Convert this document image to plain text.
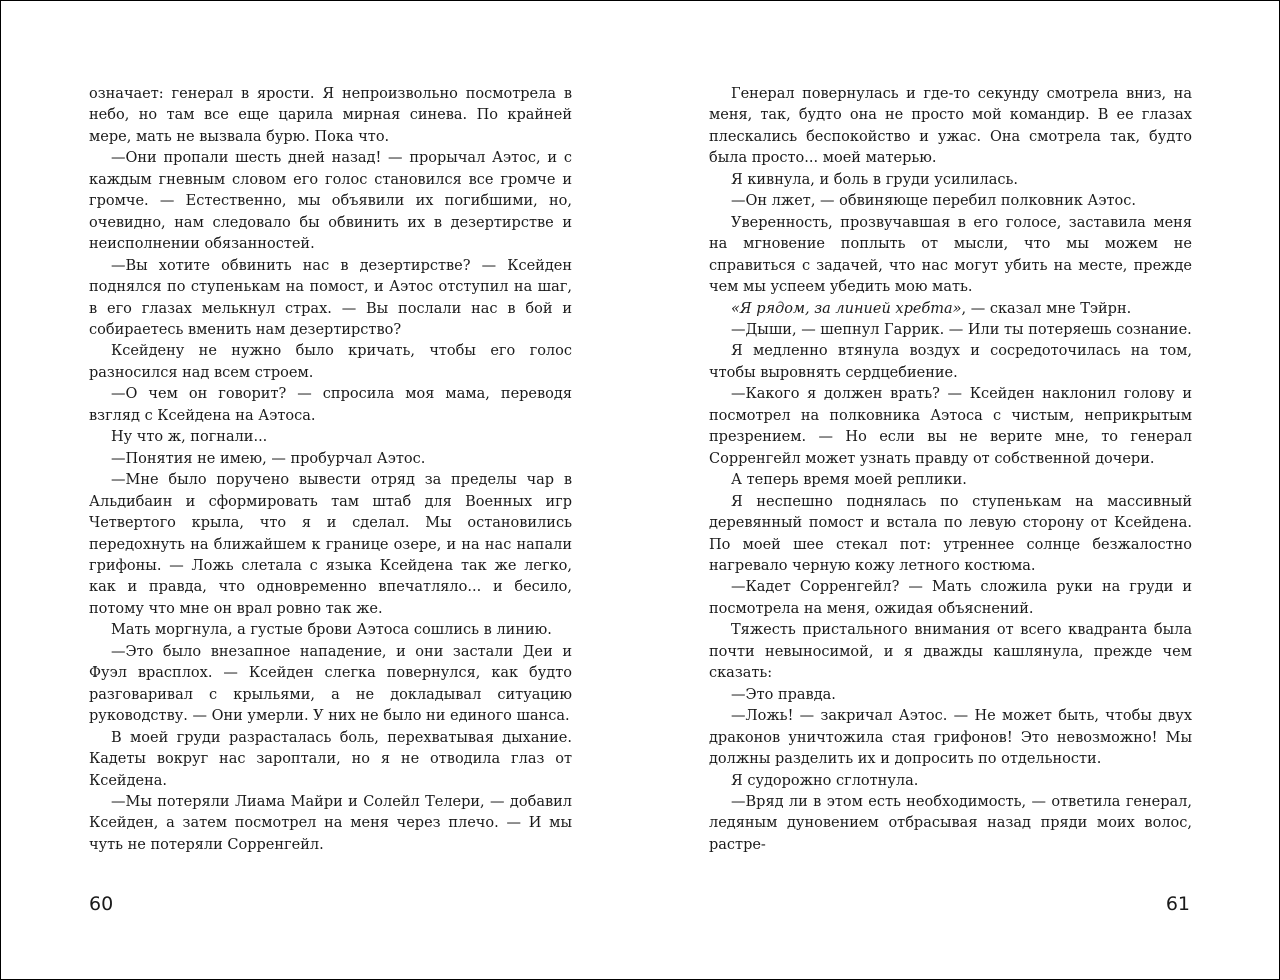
означает: генерал в ярости. Я непроизвольно посмотрела в небо, но там все еще царила мирная синева. По крайней мере, мать не вызвала бурю. Пока что.

—Они пропали шесть дней назад! — прорычал Аэтос, и с каждым гневным словом его голос становился все громче и громче. — Естественно, мы объявили их погибшими, но, очевидно, нам следовало бы обвинить их в дезертирстве и неисполнении обязанностей.

—Вы хотите обвинить нас в дезертирстве? — Ксейден поднялся по ступенькам на помост, и Аэтос отступил на шаг, в его глазах мелькнул страх. — Вы послали нас в бой и собираетесь вменить нам дезертирство?

Ксейдену не нужно было кричать, чтобы его голос разносился над всем строем.

—О чем он говорит? — спросила моя мама, переводя взгляд с Ксейдена на Аэтоса.

Ну что ж, погнали...

—Понятия не имею, — пробурчал Аэтос.

—Мне было поручено вывести отряд за пределы чар в Альдибаин и сформировать там штаб для Военных игр Четвертого крыла, что я и сделал. Мы остановились передохнуть на ближайшем к границе озере, и на нас напали грифоны. — Ложь слетала с языка Ксейдена так же легко, как и правда, что одновременно впечатляло... и бесило, потому что мне он врал ровно так же.

Мать моргнула, а густые брови Аэтоса сошлись в линию.

—Это было внезапное нападение, и они застали Деи и Фуэл врасплох. — Ксейден слегка повернулся, как будто разговаривал с крыльями, а не докладывал ситуацию руководству. — Они умерли. У них не было ни единого шанса.

В моей груди разрасталась боль, перехватывая дыхание. Кадеты вокруг нас зароптали, но я не отводила глаз от Ксейдена.

—Мы потеряли Лиама Майри и Солейл Телери, — добавил Ксейден, а затем посмотрел на меня через плечо. — И мы чуть не потеряли Сорренгейл.

Генерал повернулась и где-то секунду смотрела вниз, на меня, так, будто она не просто мой командир. В ее глазах плескались беспокойство и ужас. Она смотрела так, будто была просто... моей матерью.

Я кивнула, и боль в груди усилилась.

—Он лжет, — обвиняюще перебил полковник Аэтос.

Уверенность, прозвучавшая в его голосе, заставила меня на мгновение поплыть от мысли, что мы можем не справиться с задачей, что нас могут убить на месте, прежде чем мы успеем убедить мою мать.

«Я рядом, за линией хребта», — сказал мне Тэйрн.

—Дыши, — шепнул Гаррик. — Или ты потеряешь сознание.

Я медленно втянула воздух и сосредоточилась на том, чтобы выровнять сердцебиение.

—Какого я должен врать? — Ксейден наклонил голову и посмотрел на полковника Аэтоса с чистым, неприкрытым презрением. — Но если вы не верите мне, то генерал Сорренгейл может узнать правду от собственной дочери.

А теперь время моей реплики.

Я неспешно поднялась по ступенькам на массивный деревянный помост и встала по левую сторону от Ксейдена. По моей шее стекал пот: утреннее солнце безжалостно нагревало черную кожу летного костюма.

—Кадет Сорренгейл? — Мать сложила руки на груди и посмотрела на меня, ожидая объяснений.

Тяжесть пристального внимания от всего квадранта была почти невыносимой, и я дважды кашлянула, прежде чем сказать:

—Это правда.

—Ложь! — закричал Аэтос. — Не может быть, чтобы двух драконов уничтожила стая грифонов! Это невозможно! Мы должны разделить их и допросить по отдельности.

Я судорожно сглотнула.

—Вряд ли в этом есть необходимость, — ответила генерал, ледяным дуновением отбрасывая назад пряди моих волос, растре-

60	61
